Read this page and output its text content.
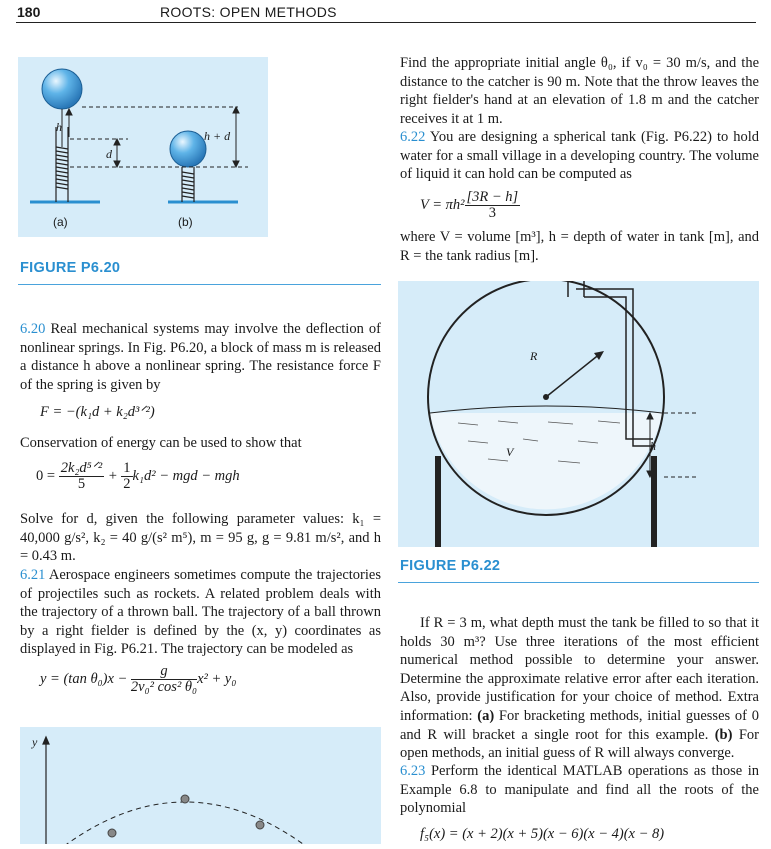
180	ROOTS: OPEN METHODS
h
d
h + d
(a)	(b)
FIGURE P6.20

6.20 Real mechanical systems may involve the deflection of nonlinear springs. In Fig. P6.20, a block of mass m is released a distance h above a nonlinear spring. The resistance force F of the spring is given by

F = −(k₁d + k₂d³ᐟ²)
Conservation of energy can be used to show that
$0 = \frac{\text{2k₂d⁵ᐟ²}}{5} + \frac{1}{2} k_1d^2$ − mgd − mgh
Solve for d, given the following parameter values: k₁ = 40,000 g/s², k₂ = 40 g/(s² m⁵), m = 95 g, g = 9.81 m/s², and h = 0.43 m.

6.21 Aerospace engineers sometimes compute the trajectories of projectiles such as rockets. A related problem deals with the trajectory of a thrown ball. The trajectory of a ball thrown by a right fielder is defined by the (x, y) coordinates as displayed in Fig. P6.21. The trajectory can be modeled as

y = (tan $\theta_0)x - \frac{g}{\text{2v₀² cos² θ₀}} x^2 + y_0$
y
Find the appropriate initial angle θ₀, if v₀ = 30 m/s, and the distance to the catcher is 90 m. Note that the throw leaves the right fielder's hand at an elevation of 1.8 m and the catcher receives it at 1 m.

6.22 You are designing a spherical tank (Fig. P6.22) to hold water for a small village in a developing country. The volume of liquid it can hold can be computed as

$V = \pi h^2 \frac{[3R - h]}{3}$
where V = volume [m³], h = depth of water in tank [m], and R = the tank radius [m].
R
V	h
FIGURE P6.22

If R = 3 m, what depth must the tank be filled to so that it holds 30 m³? Use three iterations of the most efficient numerical method possible to determine your answer. Determine the approximate relative error after each iteration. Also, provide justification for your choice of method. Extra information: (a) For bracketing methods, initial guesses of 0 and R will bracket a single root for this example. (b) For open methods, an initial guess of R will always converge.

6.23 Perform the identical MATLAB operations as those in Example 6.8 to manipulate and find all the roots of the polynomial

f₅(x) = (x + 2)(x + 5)(x − 6)(x − 4)(x − 8)
